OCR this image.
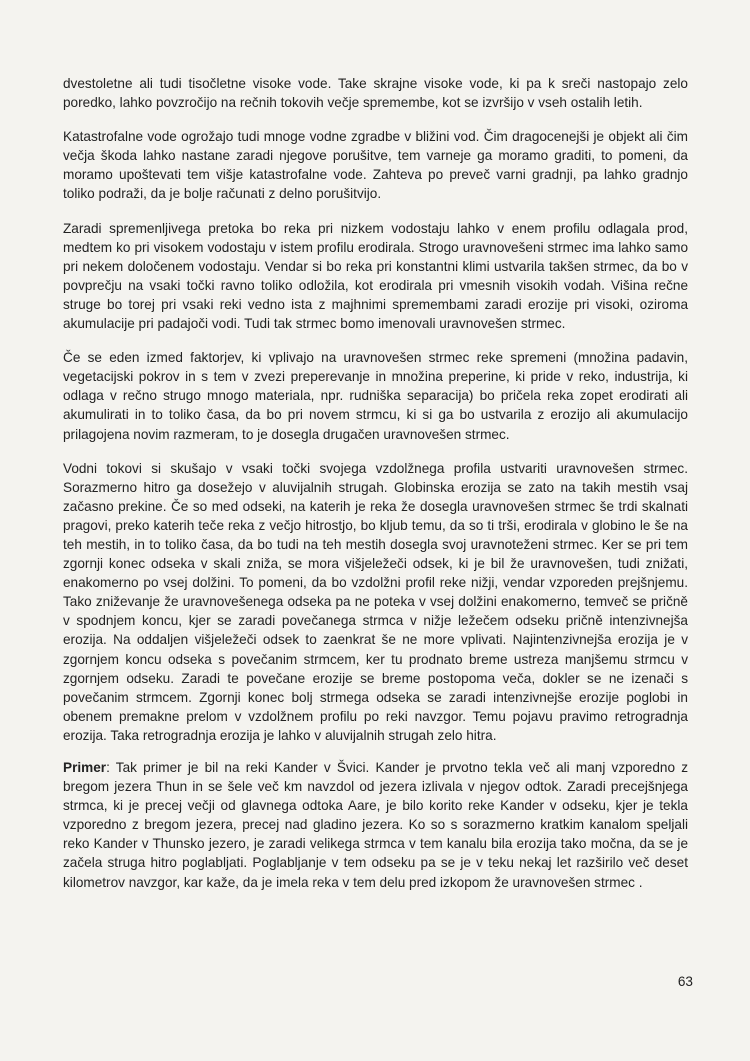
dvestoletne ali tudi tisočletne visoke vode. Take skrajne visoke vode, ki pa k sreči nastopajo zelo poredko, lahko povzročijo na rečnih tokovih večje spremembe, kot se izvršijo v vseh ostalih letih.

Katastrofalne vode ogrožajo tudi mnoge vodne zgradbe v bližini vod. Čim dragocenejši je objekt ali čim večja škoda lahko nastane zaradi njegove porušitve, tem varneje ga moramo graditi, to pomeni, da moramo upoštevati tem višje katastrofalne vode. Zahteva po preveč varni gradnji, pa lahko gradnjo toliko podraži, da je bolje računati z delno porušitvijo.

Zaradi spremenljivega pretoka bo reka pri nizkem vodostaju lahko v enem profilu odlagala prod, medtem ko pri visokem vodostaju v istem profilu erodirala. Strogo uravnovešeni strmec ima lahko samo pri nekem določenem vodostaju. Vendar si bo reka pri konstantni klimi ustvarila takšen strmec, da bo v povprečju na vsaki točki ravno toliko odložila, kot erodirala pri vmesnih visokih vodah. Višina rečne struge bo torej pri vsaki reki vedno ista z majhnimi spremembami zaradi erozije pri visoki, oziroma akumulacije pri padajoči vodi. Tudi tak strmec bomo imenovali uravnovešen strmec.

Če se eden izmed faktorjev, ki vplivajo na uravnovešen strmec reke spremeni (množina padavin, vegetacijski pokrov in s tem v zvezi preperevanje in množina preperine, ki pride v reko, industrija, ki odlaga v rečno strugo mnogo materiala, npr. rudniška separacija) bo pričela reka zopet erodirati ali akumulirati in to toliko časa, da bo pri novem strmcu, ki si ga bo ustvarila z erozijo ali akumulacijo prilagojena novim razmeram, to je dosegla drugačen uravnovešen strmec.

Vodni tokovi si skušajo v vsaki točki svojega vzdolžnega profila ustvariti uravnovešen strmec. Sorazmerno hitro ga dosežejo v aluvijalnih strugah. Globinska erozija se zato na takih mestih vsaj začasno prekine. Če so med odseki, na katerih je reka že dosegla uravnovešen strmec še trdi skalnati pragovi, preko katerih teče reka z večjo hitrostjo, bo kljub temu, da so ti trši, erodirala v globino le še na teh mestih, in to toliko časa, da bo tudi na teh mestih dosegla svoj uravnoteženi strmec. Ker se pri tem zgornji konec odseka v skali zniža, se mora višjeležeči odsek, ki je bil že uravnovešen, tudi znižati, enakomerno po vsej dolžini. To pomeni, da bo vzdolžni profil reke nižji, vendar vzporeden prejšnjemu. Tako zniževanje že uravnovešenega odseka pa ne poteka v vsej dolžini enakomerno, temveč se pričně v spodnjem koncu, kjer se zaradi povečanega strmca v nižje ležečem odseku pričně intenzivnejša erozija. Na oddaljen višjeležeči odsek to zaenkrat še ne more vplivati. Najintenzivnejša erozija je v zgornjem koncu odseka s povečanim strmcem, ker tu prodnato breme ustreza manjšemu strmcu v zgornjem odseku. Zaradi te povečane erozije se breme postopoma veča, dokler se ne izenači s povečanim strmcem. Zgornji konec bolj strmega odseka se zaradi intenzivnejše erozije poglobi in obenem premakne prelom v vzdolžnem profilu po reki navzgor. Temu pojavu pravimo retrogradnja erozija. Taka retrogradnja erozija je lahko v aluvijalnih strugah zelo hitra.

Primer: Tak primer je bil na reki Kander v Švici. Kander je prvotno tekla več ali manj vzporedno z bregom jezera Thun in se šele več km navzdol od jezera izlivala v njegov odtok. Zaradi precejšnjega strmca, ki je precej večji od glavnega odtoka Aare, je bilo korito reke Kander v odseku, kjer je tekla vzporedno z bregom jezera, precej nad gladino jezera. Ko so s sorazmerno kratkim kanalom speljali reko Kander v Thunsko jezero, je zaradi velikega strmca v tem kanalu bila erozija tako močna, da se je začela struga hitro poglabljati. Poglabljanje v tem odseku pa se je v teku nekaj let razširilo več deset kilometrov navzgor, kar kaže, da je imela reka v tem delu pred izkopom že uravnovešen strmec .

63
